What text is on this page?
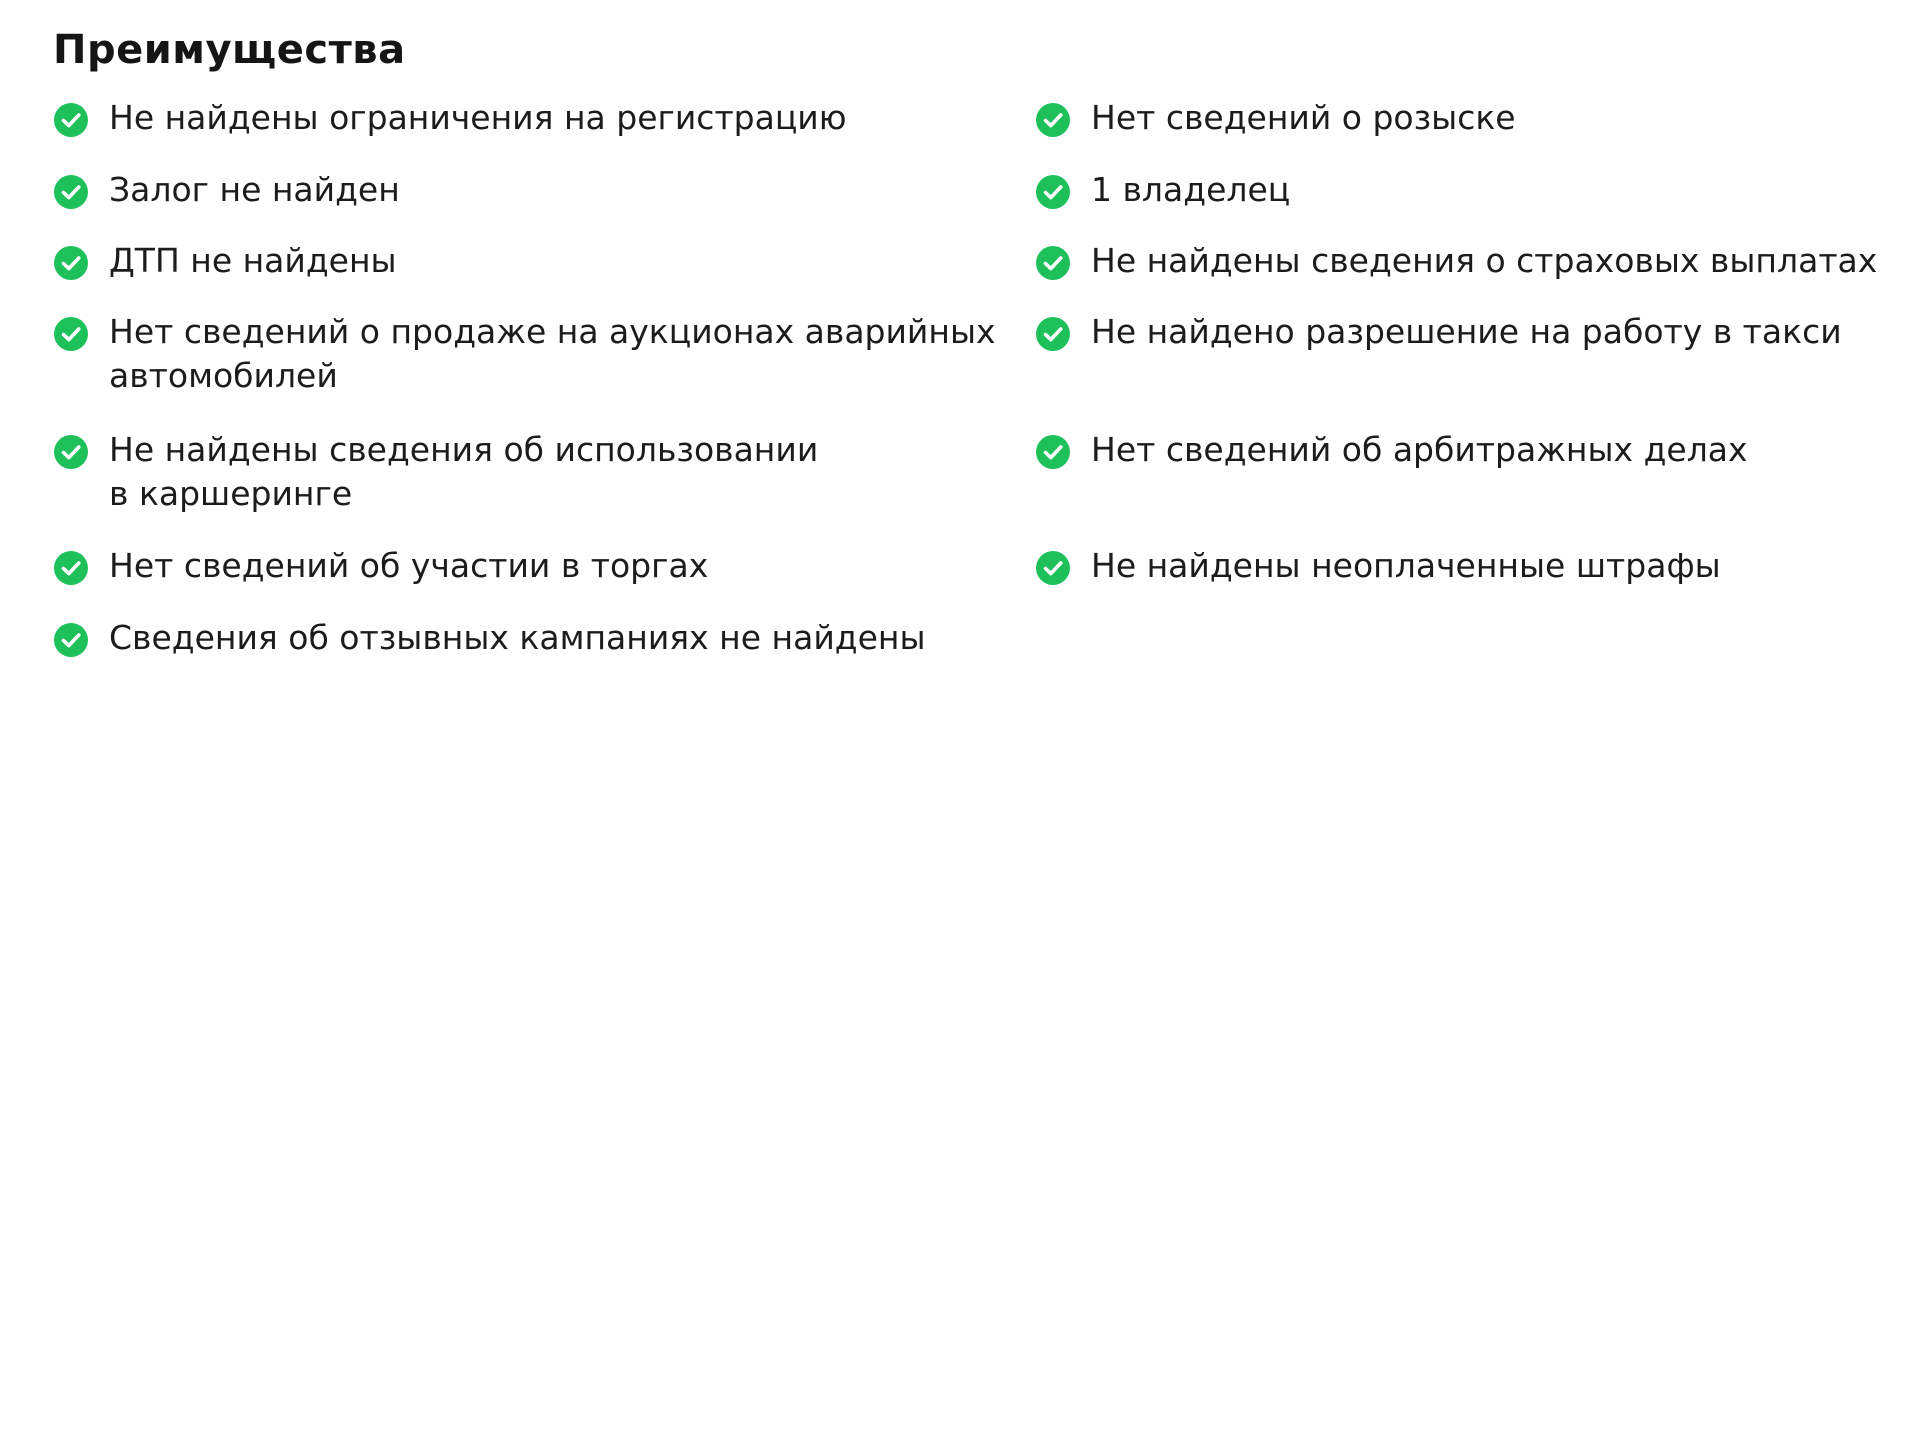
Преимущества
Не найдены ограничения на регистрацию
Залог не найден
ДТП не найдены
Нет сведений о продаже на аукционах аварийных
автомобилей
Не найдены сведения об использовании
в каршеринге
Нет сведений об участии в торгах
Сведения об отзывных кампаниях не найдены
Нет сведений о розыске
1 владелец
Не найдены сведения о страховых выплатах
Не найдено разрешение на работу в такси
Нет сведений об арбитражных делах
Не найдены неоплаченные штрафы
